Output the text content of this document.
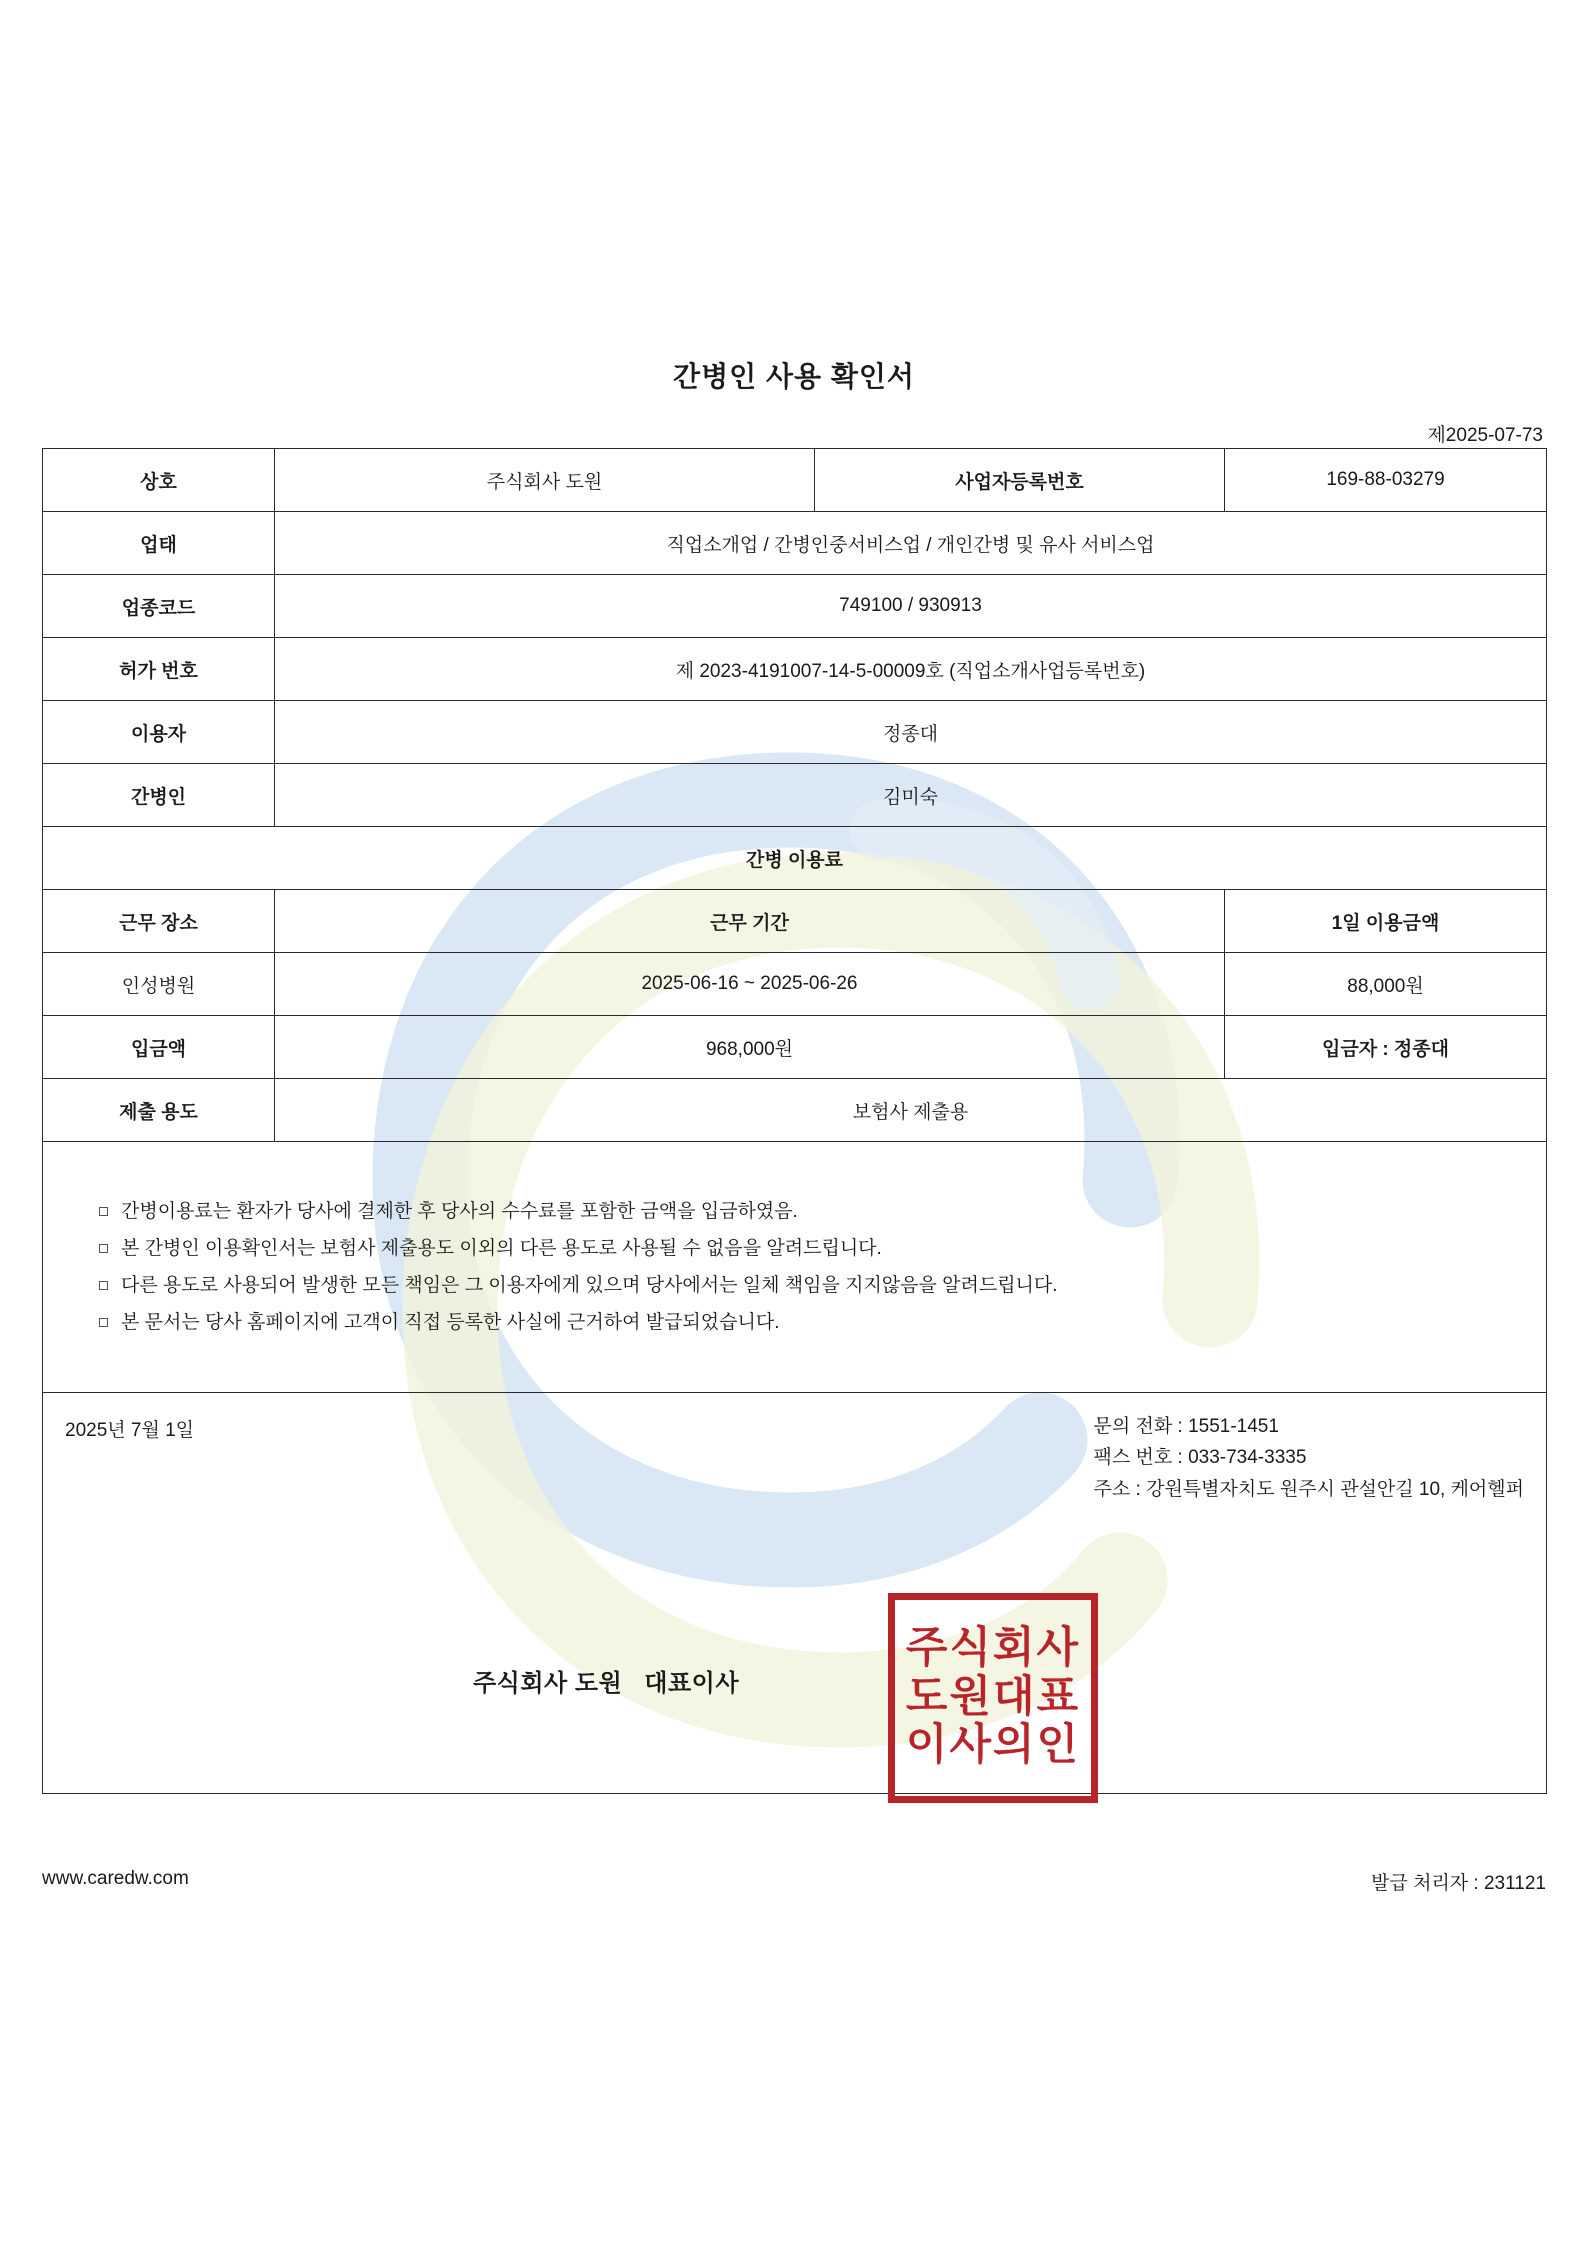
간병인 사용 확인서
제2025-07-73
상호	주식회사 도원	사업자등록번호	169-88-03279
업태	직업소개업 / 간병인중서비스업 / 개인간병 및 유사 서비스업		
업종코드	749100 / 930913		
허가 번호	제 2023-4191007-14-5-00009호 (직업소개사업등록번호)		
이용자	정종대		
간병인	김미숙		
간병 이용료			
근무 장소	근무 기간		1일 이용금액
인성병원	2025-06-16 ~ 2025-06-26		88,000원
입금액	968,000원		입금자 : 정종대
제출 용도	보험사 제출용		

간병이용료는 환자가 당사에 결제한 후 당사의 수수료를 포함한 금액을 입금하였음.
본 간병인 이용확인서는 보험사 제출용도 이외의 다른 용도로 사용될 수 없음을 알려드립니다.
다른 용도로 사용되어 발생한 모든 책임은 그 이용자에게 있으며 당사에서는 일체 책임을 지지않음을 알려드립니다.
본 문서는 당사 홈페이지에 고객이 직접 등록한 사실에 근거하여 발급되었습니다.

2025년 7월 1일	문의 전화 : 1551-1451
팩스 번호 : 033-734-3335
주소 : 강원특별자치도 원주시 관설안길 10, 케어헬퍼
주식회사 도원 대표이사
주식회사
도원대표
이사의인
www.caredw.com	발급 처리자 : 231121
